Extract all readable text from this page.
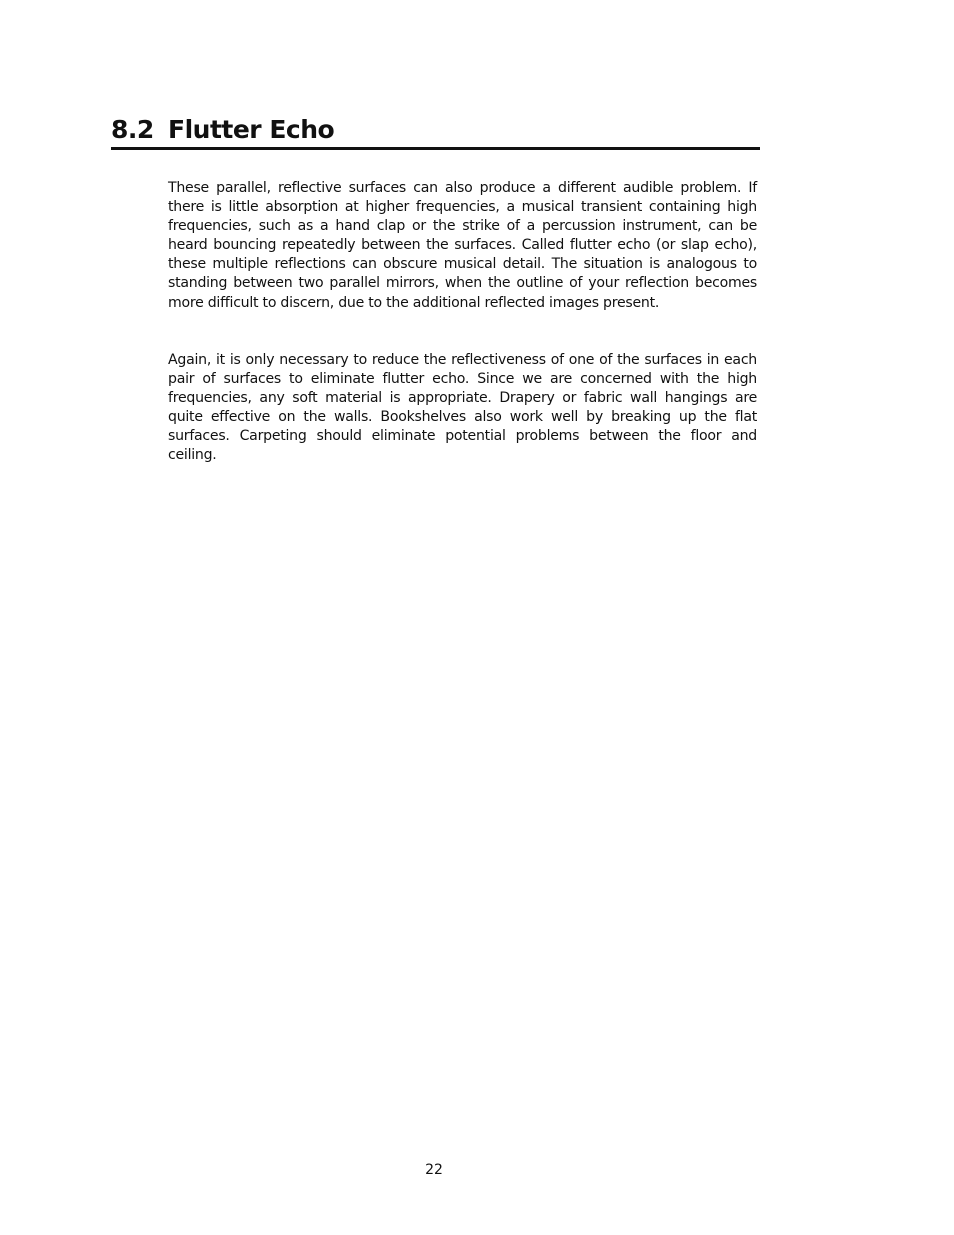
8.2 Flutter Echo

These parallel, reflective surfaces can also produce a different audible problem. If there is little absorption at higher frequencies, a musical transient containing high frequencies, such as a hand clap or the strike of a percussion instrument, can be heard bouncing repeatedly between the surfaces. Called flutter echo (or slap echo), these multiple reflections can obscure musical detail. The situation is analogous to standing between two parallel mirrors, when the outline of your reflection becomes more difficult to discern, due to the additional reflected images present.

Again, it is only necessary to reduce the reflectiveness of one of the surfaces in each pair of surfaces to eliminate flutter echo. Since we are concerned with the high frequencies, any soft material is appropriate. Drapery or fabric wall hangings are quite effective on the walls. Bookshelves also work well by breaking up the flat surfaces. Carpeting should eliminate potential problems between the floor and ceiling.

22
